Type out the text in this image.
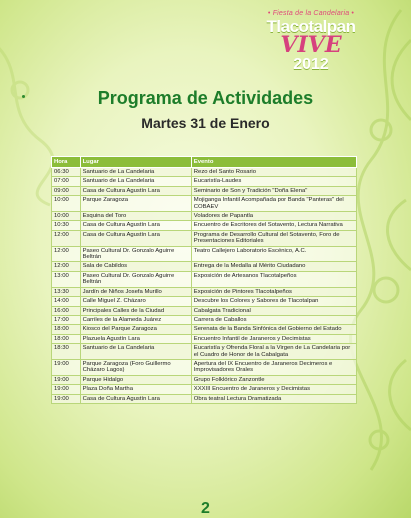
• Fiesta de la Candelaria •
Tlacotalpan
VIVE
2012
Programa de Actividades
Martes 31 de Enero
Hora	Lugar	Evento
06:30	Santuario de La Candelaria	Rezo del Santo Rosario
07:00	Santuario de La Candelaria	Eucaristía-Laudes
09:00	Casa de Cultura Agustín Lara	Seminario de Son y Tradición "Doña Elena"
10:00	Parque Zaragoza	Mojiganga Infantil Acompañada por Banda "Panteras" del COBAEV
10:00	Esquina del Toro	Voladores de Papantla
10:30	Casa de Cultura Agustín Lara	Encuentro de Escritores del Sotavento, Lectura Narrativa
12:00	Casa de Cultura Agustín Lara	Programa de Desarrollo Cultural del Sotavento, Foro de Presentaciones Editoriales
12:00	Paseo Cultural Dr. Gonzalo Aguirre Beltrán	Teatro Callejero Laboratorio Escénico, A.C.
12:00	Sala de Cabildos	Entrega de la Medalla al Mérito Ciudadano
13:00	Paseo Cultural Dr. Gonzalo Aguirre Beltrán	Exposición de Artesanos Tlacotalpeños
13:30	Jardín de Niños Josefa Murillo	Exposición de Pintores Tlacotalpeños
14:00	Calle Miguel Z. Cházaro	Descubre los Colores y Sabores de Tlacotalpan
16:00	Principales Calles de la Ciudad	Cabalgata Tradicional
17:00	Carriles de la Alameda Juárez	Carrera de Caballos
18:00	Kiosco del Parque Zaragoza	Serenata de la Banda Sinfónica del Gobierno del Estado
18:00	Plazuela Agustín Lara	Encuentro Infantil de Jaraneros y Decimistas
18:30	Santuario de La Candelaria	Eucaristía y Ofrenda Floral a la Virgen de La Candelaria por el Cuadro de Honor de la Cabalgata
19:00	Parque Zaragoza (Foro Guillermo Cházaro Lagos)	Apertura del IX Encuentro de Jaraneros Decimeros e Improvisadores Orales
19:00	Parque Hidalgo	Grupo Folklórico Zanzontle
19:00	Plaza Doña Martha	XXXIII Encuentro de Jaraneros y Decimistas
19:00	Casa de Cultura Agustín Lara	Obra teatral Lectura Dramatizada
2
